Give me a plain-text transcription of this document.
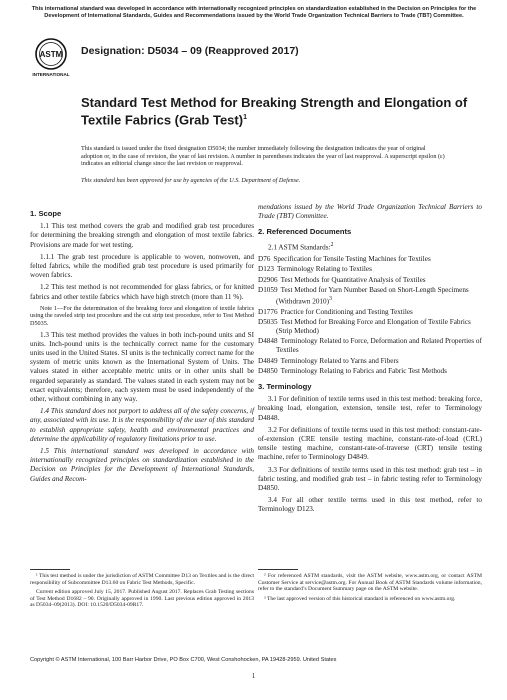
This international standard was developed in accordance with internationally recognized principles on standardization established in the Decision on Principles for the Development of International Standards, Guides and Recommendations issued by the World Trade Organization Technical Barriers to Trade (TBT) Committee.
ASTM
INTERNATIONAL
Designation: D5034 – 09 (Reapproved 2017)
Standard Test Method for Breaking Strength and Elongation of Textile Fabrics (Grab Test)$^1$
This standard is issued under the fixed designation D5034; the number immediately following the designation indicates the year of original adoption or, in the case of revision, the year of last revision. A number in parentheses indicates the year of last reapproval. A superscript epsilon (ε) indicates an editorial change since the last revision or reapproval.
This standard has been approved for use by agencies of the U.S. Department of Defense.
1. Scope

1.1 This test method covers the grab and modified grab test procedures for determining the breaking strength and elongation of most textile fabrics. Provisions are made for wet testing.

1.1.1 The grab test procedure is applicable to woven, nonwoven, and felted fabrics, while the modified grab test procedure is used primarily for woven fabrics.

1.2 This test method is not recommended for glass fabrics, or for knitted fabrics and other textile fabrics which have high stretch (more than 11 %).

Note 1—For the determination of the breaking force and elongation of textile fabrics using the raveled strip test procedure and the cut strip test procedure, refer to Test Method D5035.

1.3 This test method provides the values in both inch-pound units and SI units. Inch-pound units is the technically correct name for the customary units used in the United States. SI units is the technically correct name for the system of metric units known as the International System of Units. The values stated in either acceptable metric units or in other units shall be regarded separately as standard. The values stated in each system may not be exact equivalents; therefore, each system must be used independently of the other, without combining in any way.

1.4 This standard does not purport to address all of the safety concerns, if any, associated with its use. It is the responsibility of the user of this standard to establish appropriate safety, health and environmental practices and determine the applicability of regulatory limitations prior to use.

1.5 This international standard was developed in accordance with internationally recognized principles on standardization established in the Decision on Principles for the Development of International Standards, Guides and Recom-

mendations issued by the World Trade Organization Technical Barriers to Trade (TBT) Committee.

2. Referenced Documents

2.1 ASTM Standards:$^2$

D76 Specification for Tensile Testing Machines for Textiles
D123 Terminology Relating to Textiles
D2906 Test Methods for Quantitative Analysis of Textiles
D1059 Test Method for Yarn Number Based on Short-Length Specimens (Withdrawn 2010)$^3$
D1776 Practice for Conditioning and Testing Textiles
D5035 Test Method for Breaking Force and Elongation of Textile Fabrics (Strip Method)
D4848 Terminology Related to Force, Deformation and Related Properties of Textiles
D4849 Terminology Related to Yarns and Fibers
D4850 Terminology Relating to Fabrics and Fabric Test Methods
3. Terminology

3.1 For definition of textile terms used in this test method: breaking force, breaking load, elongation, extension, tensile test, refer to Terminology D4848.

3.2 For definitions of textile terms used in this test method: constant-rate-of-extension (CRE tensile testing machine, constant-rate-of-load (CRL) tensile testing machine, constant-rate-of-traverse (CRT) tensile testing machine, refer to Terminology D4849.

3.3 For definitions of textile terms used in this test method: grab test – in fabric testing, and modified grab test – in fabric testing refer to Terminology D4850.

3.4 For all other textile terms used in this test method, refer to Terminology D123.

¹ This test method is under the jurisdiction of ASTM Committee D13 on Textiles and is the direct responsibility of Subcommittee D13.60 on Fabric Test Methods, Specific.

Current edition approved July 15, 2017. Published August 2017. Replaces Grab Testing sections of Test Method D1682 – 90. Originally approved in 1990. Last previous edition approved in 2013 as D5034–09(2013). DOI: 10.1520/D5034-09R17.

² For referenced ASTM standards, visit the ASTM website, www.astm.org, or contact ASTM Customer Service at service@astm.org. For Annual Book of ASTM Standards volume information, refer to the standard’s Document Summary page on the ASTM website.

³ The last approved version of this historical standard is referenced on www.astm.org.

Copyright © ASTM International, 100 Barr Harbor Drive, PO Box C700, West Conshohocken, PA 19428-2959. United States
1
